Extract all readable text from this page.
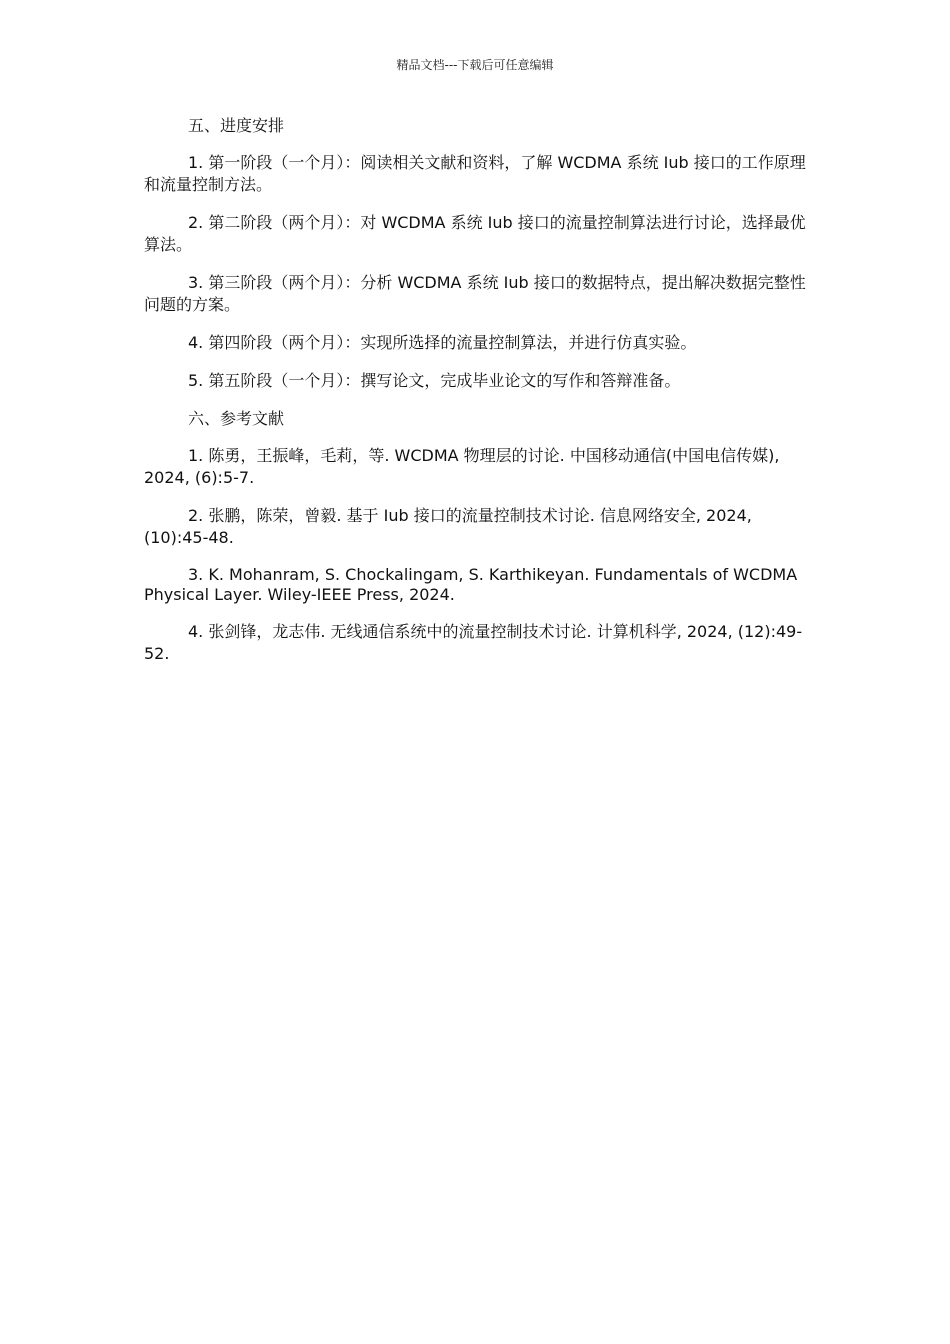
精品文档---下载后可任意编辑
五、进度安排

1. 第一阶段（一个月）：阅读相关文献和资料，了解 WCDMA 系统 Iub 接口的工作原理和流量控制方法。

2. 第二阶段（两个月）：对 WCDMA 系统 Iub 接口的流量控制算法进行讨论，选择最优算法。

3. 第三阶段（两个月）：分析 WCDMA 系统 Iub 接口的数据特点，提出解决数据完整性问题的方案。

4. 第四阶段（两个月）：实现所选择的流量控制算法，并进行仿真实验。

5. 第五阶段（一个月）：撰写论文，完成毕业论文的写作和答辩准备。

六、参考文献

1. 陈勇，王振峰，毛莉，等. WCDMA 物理层的讨论. 中国移动通信(中国电信传媒), 2024, (6):5-7.

2. 张鹏，陈荣，曾毅. 基于 Iub 接口的流量控制技术讨论. 信息网络安全, 2024, (10):45-48.

3. K. Mohanram, S. Chockalingam, S. Karthikeyan. Fundamentals of WCDMA Physical Layer. Wiley-IEEE Press, 2024.

4. 张剑锋，龙志伟. 无线通信系统中的流量控制技术讨论. 计算机科学, 2024, (12):49-52.
